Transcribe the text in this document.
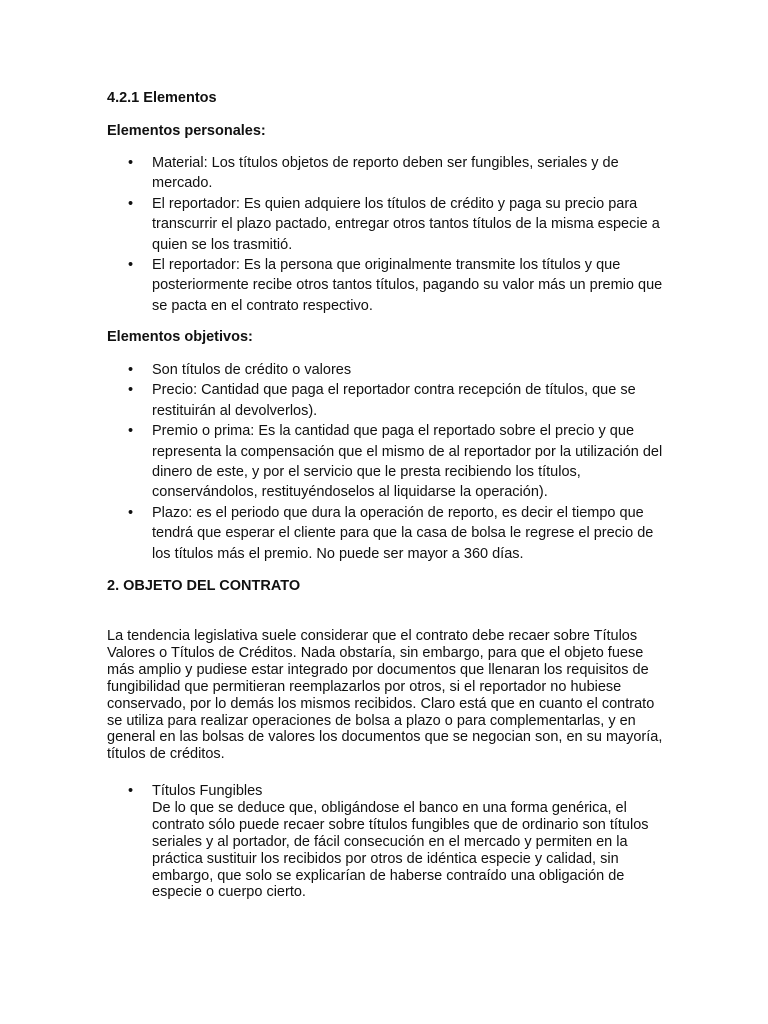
4.2.1 Elementos
Elementos personales:
• Material: Los títulos objetos de reporto deben ser fungibles, seriales y de mercado.
• El reportador: Es quien adquiere los títulos de crédito y paga su precio para transcurrir el plazo pactado, entregar otros tantos títulos de la misma especie a quien se los trasmitió.
• El reportador: Es la persona que originalmente transmite los títulos y que posteriormente recibe otros tantos títulos, pagando su valor más un premio que se pacta en el contrato respectivo.
Elementos objetivos:
• Son títulos de crédito o valores
• Precio: Cantidad que paga el reportador contra recepción de títulos, que se restituirán al devolverlos).
• Premio o prima: Es la cantidad que paga el reportado sobre el precio y que representa la compensación que el mismo de al reportador por la utilización del dinero de este, y por el servicio que le presta recibiendo los títulos, conservándolos, restituyéndoselos al liquidarse la operación).
• Plazo: es el periodo que dura la operación de reporto, es decir el tiempo que tendrá que esperar el cliente para que la casa de bolsa le regrese el precio de los títulos más el premio. No puede ser mayor a 360 días.
2. OBJETO DEL CONTRATO

La tendencia legislativa suele considerar que el contrato debe recaer sobre Títulos Valores o Títulos de Créditos. Nada obstaría, sin embargo, para que el objeto fuese más amplio y pudiese estar integrado por documentos que llenaran los requisitos de fungibilidad que permitieran reemplazarlos por otros, si el reportador no hubiese conservado, por lo demás los mismos recibidos. Claro está que en cuanto el contrato se utiliza para realizar operaciones de bolsa a plazo o para complementarlas, y en general en las bolsas de valores los documentos que se negocian son, en su mayoría, títulos de créditos.

• Títulos Fungibles
De lo que se deduce que, obligándose el banco en una forma genérica, el contrato sólo puede recaer sobre títulos fungibles que de ordinario son títulos seriales y al portador, de fácil consecución en el mercado y permiten en la práctica sustituir los recibidos por otros de idéntica especie y calidad, sin embargo, que solo se explicarían de haberse contraído una obligación de especie o cuerpo cierto.
